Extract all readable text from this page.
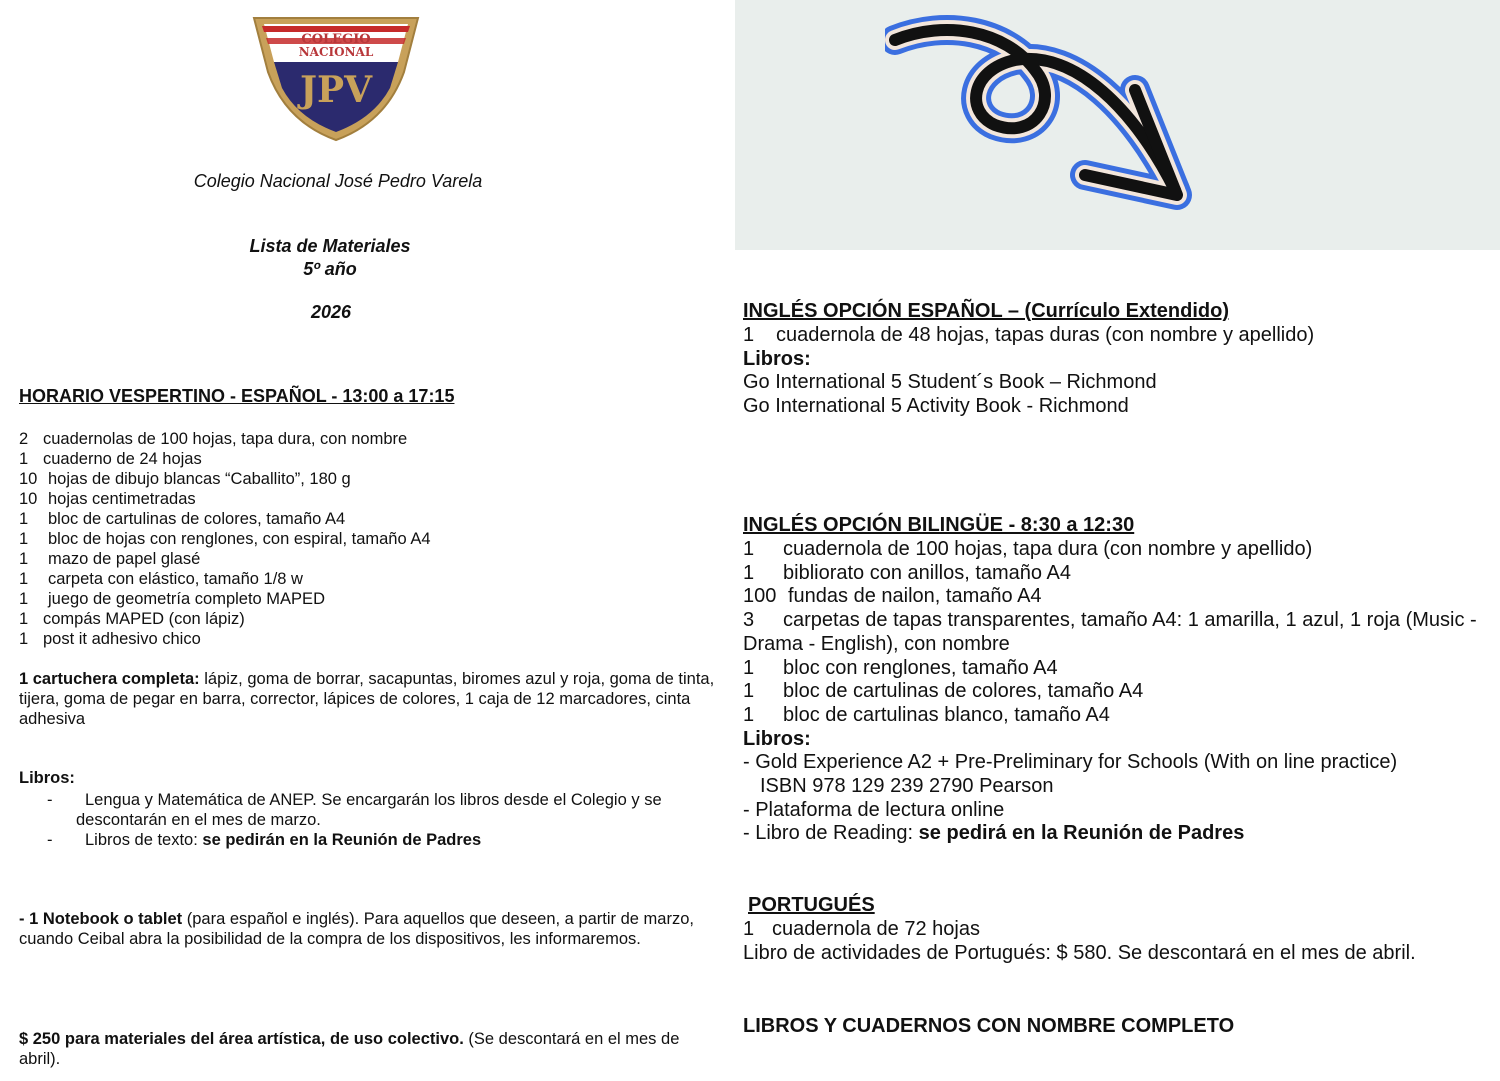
COLEGIO
NACIONAL
JPV
Colegio Nacional José Pedro Varela
Lista de Materiales
5º año
2026
HORARIO VESPERTINO - ESPAÑOL - 13:00 a 17:15
2 cuadernolas de 100 hojas, tapa dura, con nombre
1 cuaderno de 24 hojas
10 hojas de dibujo blancas “Caballito”, 180 g
10 hojas centimetradas
1 bloc de cartulinas de colores, tamaño A4
1 bloc de hojas con renglones, con espiral, tamaño A4
1 mazo de papel glasé
1 carpeta con elástico, tamaño 1/8 w
1 juego de geometría completo MAPED
1 compás MAPED (con lápiz)
1 post it adhesivo chico
1 cartuchera completa: lápiz, goma de borrar, sacapuntas, biromes azul y roja, goma de tinta, tijera, goma de pegar en barra, corrector, lápices de colores, 1 caja de 12 marcadores, cinta adhesiva
Libros:
- Lengua y Matemática de ANEP. Se encargarán los libros desde el Colegio y se
descontarán en el mes de marzo.
- Libros de texto: se pedirán en la Reunión de Padres
- 1 Notebook o tablet (para español e inglés). Para aquellos que deseen, a partir de marzo, cuando Ceibal abra la posibilidad de la compra de los dispositivos, les informaremos.
$ 250 para materiales del área artística, de uso colectivo. (Se descontará en el mes de abril).
INGLÉS OPCIÓN ESPAÑOL – (Currículo Extendido)
1 cuadernola de 48 hojas, tapas duras (con nombre y apellido)
Libros:
Go International 5 Student´s Book – Richmond
Go International 5 Activity Book - Richmond
INGLÉS OPCIÓN BILINGÜE - 8:30 a 12:30
1 cuadernola de 100 hojas, tapa dura (con nombre y apellido)
1 bibliorato con anillos, tamaño A4
100 fundas de nailon, tamaño A4
3 carpetas de tapas transparentes, tamaño A4: 1 amarilla, 1 azul, 1 roja (Music -
Drama - English), con nombre
1 bloc con renglones, tamaño A4
1 bloc de cartulinas de colores, tamaño A4
1 bloc de cartulinas blanco, tamaño A4
Libros:
- Gold Experience A2 + Pre-Preliminary for Schools (With on line practice)
ISBN 978 129 239 2790 Pearson
- Plataforma de lectura online
- Libro de Reading: se pedirá en la Reunión de Padres
PORTUGUÉS
1 cuadernola de 72 hojas
Libro de actividades de Portugués: $ 580. Se descontará en el mes de abril.
LIBROS Y CUADERNOS CON NOMBRE COMPLETO
